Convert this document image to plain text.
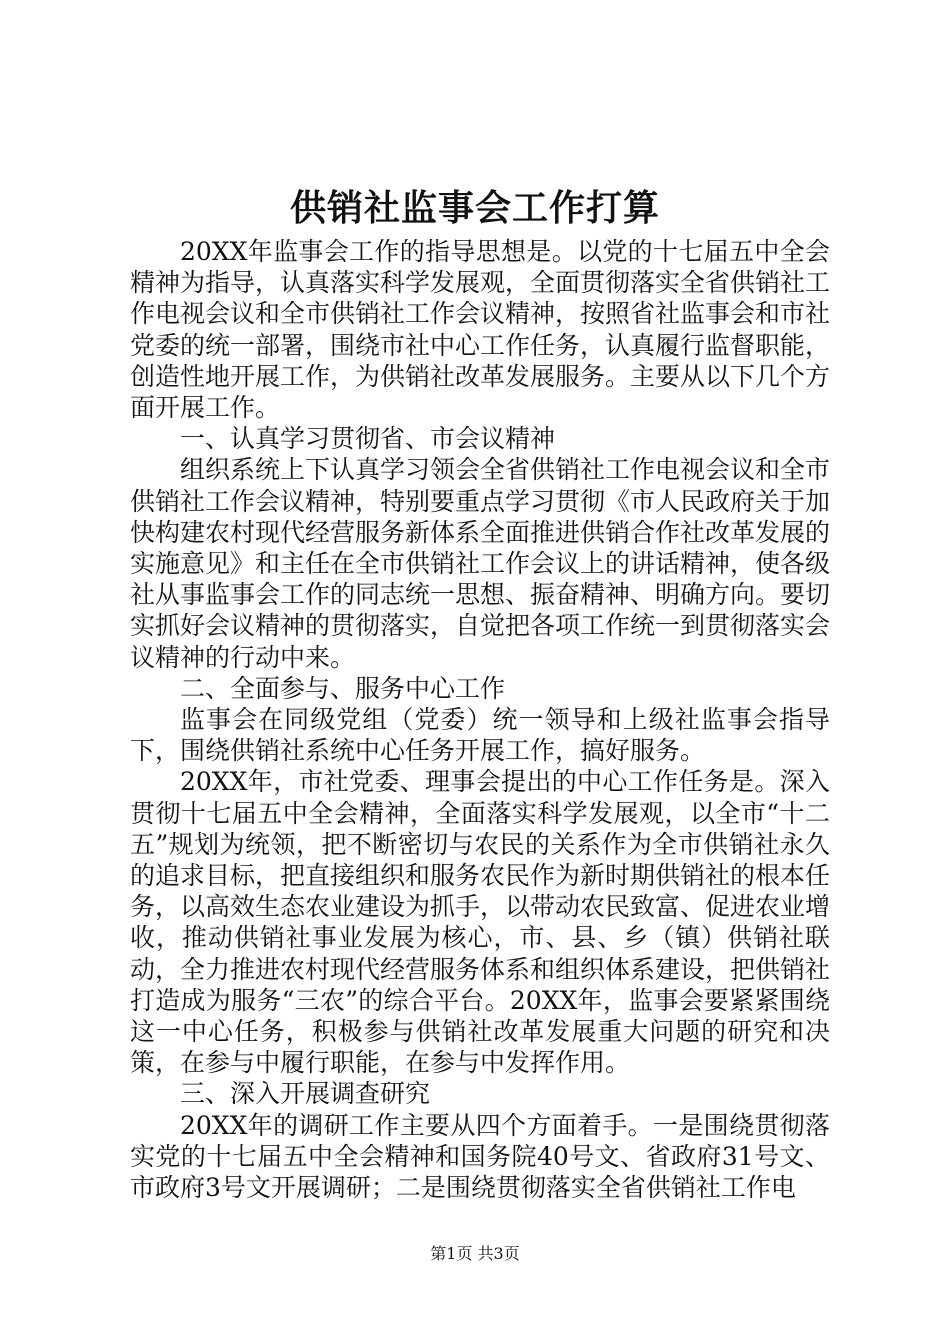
供销社监事会工作打算

20XX年监事会工作的指导思想是。以党的十七届五中全会精神为指导，认真落实科学发展观，全面贯彻落实全省供销社工作电视会议和全市供销社工作会议精神，按照省社监事会和市社党委的统一部署，围绕市社中心工作任务，认真履行监督职能，创造性地开展工作，为供销社改革发展服务。主要从以下几个方面开展工作。

一、认真学习贯彻省、市会议精神

组织系统上下认真学习领会全省供销社工作电视会议和全市供销社工作会议精神，特别要重点学习贯彻《市人民政府关于加快构建农村现代经营服务新体系全面推进供销合作社改革发展的实施意见》和主任在全市供销社工作会议上的讲话精神，使各级社从事监事会工作的同志统一思想、振奋精神、明确方向。要切实抓好会议精神的贯彻落实，自觉把各项工作统一到贯彻落实会议精神的行动中来。

二、全面参与、服务中心工作

监事会在同级党组（党委）统一领导和上级社监事会指导下，围绕供销社系统中心任务开展工作，搞好服务。

20XX年，市社党委、理事会提出的中心工作任务是。深入贯彻十七届五中全会精神，全面落实科学发展观，以全市“十二五”规划为统领，把不断密切与农民的关系作为全市供销社永久的追求目标，把直接组织和服务农民作为新时期供销社的根本任务，以高效生态农业建设为抓手，以带动农民致富、促进农业增收，推动供销社事业发展为核心，市、县、乡（镇）供销社联动，全力推进农村现代经营服务体系和组织体系建设，把供销社打造成为服务“三农”的综合平台。20XX年，监事会要紧紧围绕这一中心任务，积极参与供销社改革发展重大问题的研究和决策，在参与中履行职能，在参与中发挥作用。

三、深入开展调查研究

20XX年的调研工作主要从四个方面着手。一是围绕贯彻落实党的十七届五中全会精神和国务院40号文、省政府31号文、市政府3号文开展调研；二是围绕贯彻落实全省供销社工作电

第1页 共3页
